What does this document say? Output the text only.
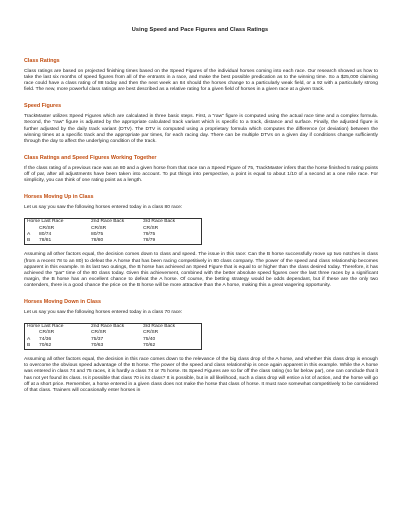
Using Speed and Pace Figures and Class Ratings

Class Ratings

Class ratings are based on projected finishing times based on the Speed Figures of the individual horses coming into each race. Our research showed us how to take the last six months of speed figures from all of the entrants in a race, and make the best possible predication as to the winning time. So a $25,000 claiming race could have a class rating of 88 today and then the next week an 84 should the horses change to a particularly weak field, or a 92 with a particularly strong field. The new, more powerful class ratings are best described as a relative rating for a given field of horses in a given race at a given track.

Speed Figures

TrackMaster utilizes Speed Figures which are calculated in three basic steps. First, a "raw" figure is computed using the actual race time and a complex formula. Second, the "raw" figure is adjusted by the appropriate calculated track variant which is specific to a track, distance and surface. Finally, the adjusted figure is further adjusted by the daily track variant (DTV). The DTV is computed using a proprietary formula which computes the difference (or deviation) between the winning times at a specific track and the appropriate par times, for each racing day. There can be multiple DTVs on a given day if conditions change sufficiently through the day to affect the underlying condition of the track.

Class Ratings and Speed Figures Working Together

If the class rating of a previous race was an 80 and a given horse from that race ran a Speed Figure of 75, TrackMaster infers that the horse finished 5 rating points off of par, after all adjustments have been taken into account. To put things into perspective, a point is equal to about 1/10 of a second at a one mile race. For simplicity, you can think of one rating point as a length.

Horses Moving Up in Class

Let us say you saw the following horses entered today in a class 80 race:

Horse Last Race		2nd Race Back	3rd Race Back
	CR/SR	CR/SR	CR/SR
A	80/74	80/75	79/75
B	78/81	78/80	78/79

Assuming all other factors equal, the decision comes down to class and speed. The issue in this race: Can the B horse successfully move up two notches in class (from a recent 78 to an 80) to defeat the A horse that has been racing competitively in 80 class company. The power of the speed and class relationship becomes apparent in this example. In its last two outings, the B horse has achieved an Speed Figure that is equal to or higher than the class desired today. Therefore, it has achieved the "par" time of the 80 class today. Given this achievement, combined with the better absolute speed figures over the last three races by a significant margin, the B horse has an excellent chance to defeat the A horse. Of course, the betting strategy would be odds dependant, but if these are the only two contenders, there is a good chance the price on the B horse will be more attractive than the A horse, making this a great wagering opportunity.

Horses Moving Down in Class

Let us say you saw the following horses entered today in a class 70 race:

Horse Last Race		2nd Race Back	3rd Race Back
	CR/SR	CR/SR	CR/SR
A	74/36	75/37	75/40
B	70/62	70/63	70/62

Assuming all other factors equal, the decision in this race comes down to the relevance of the big class drop of the A horse, and whether this class drop is enough to overcome the obvious speed advantage of the B horse. The power of the speed and class relationship is once again apparent in this example. While the A horse was entered in class 74 and 75 races, it is hardly a class 74 or 75 horse. Its Speed Figures are so far off the class rating (so far below par), one can conclude that it has not yet found its class. Is it possible that class 70 is its class? It is possible, but in all likelihood, such a class drop will entice a lot of action, and the horse will go off at a short price. Remember, a horse entered in a given class does not make the horse that class of horse. It must race somewhat competitively to be considered of that class. Trainers will occasionally enter horses in
